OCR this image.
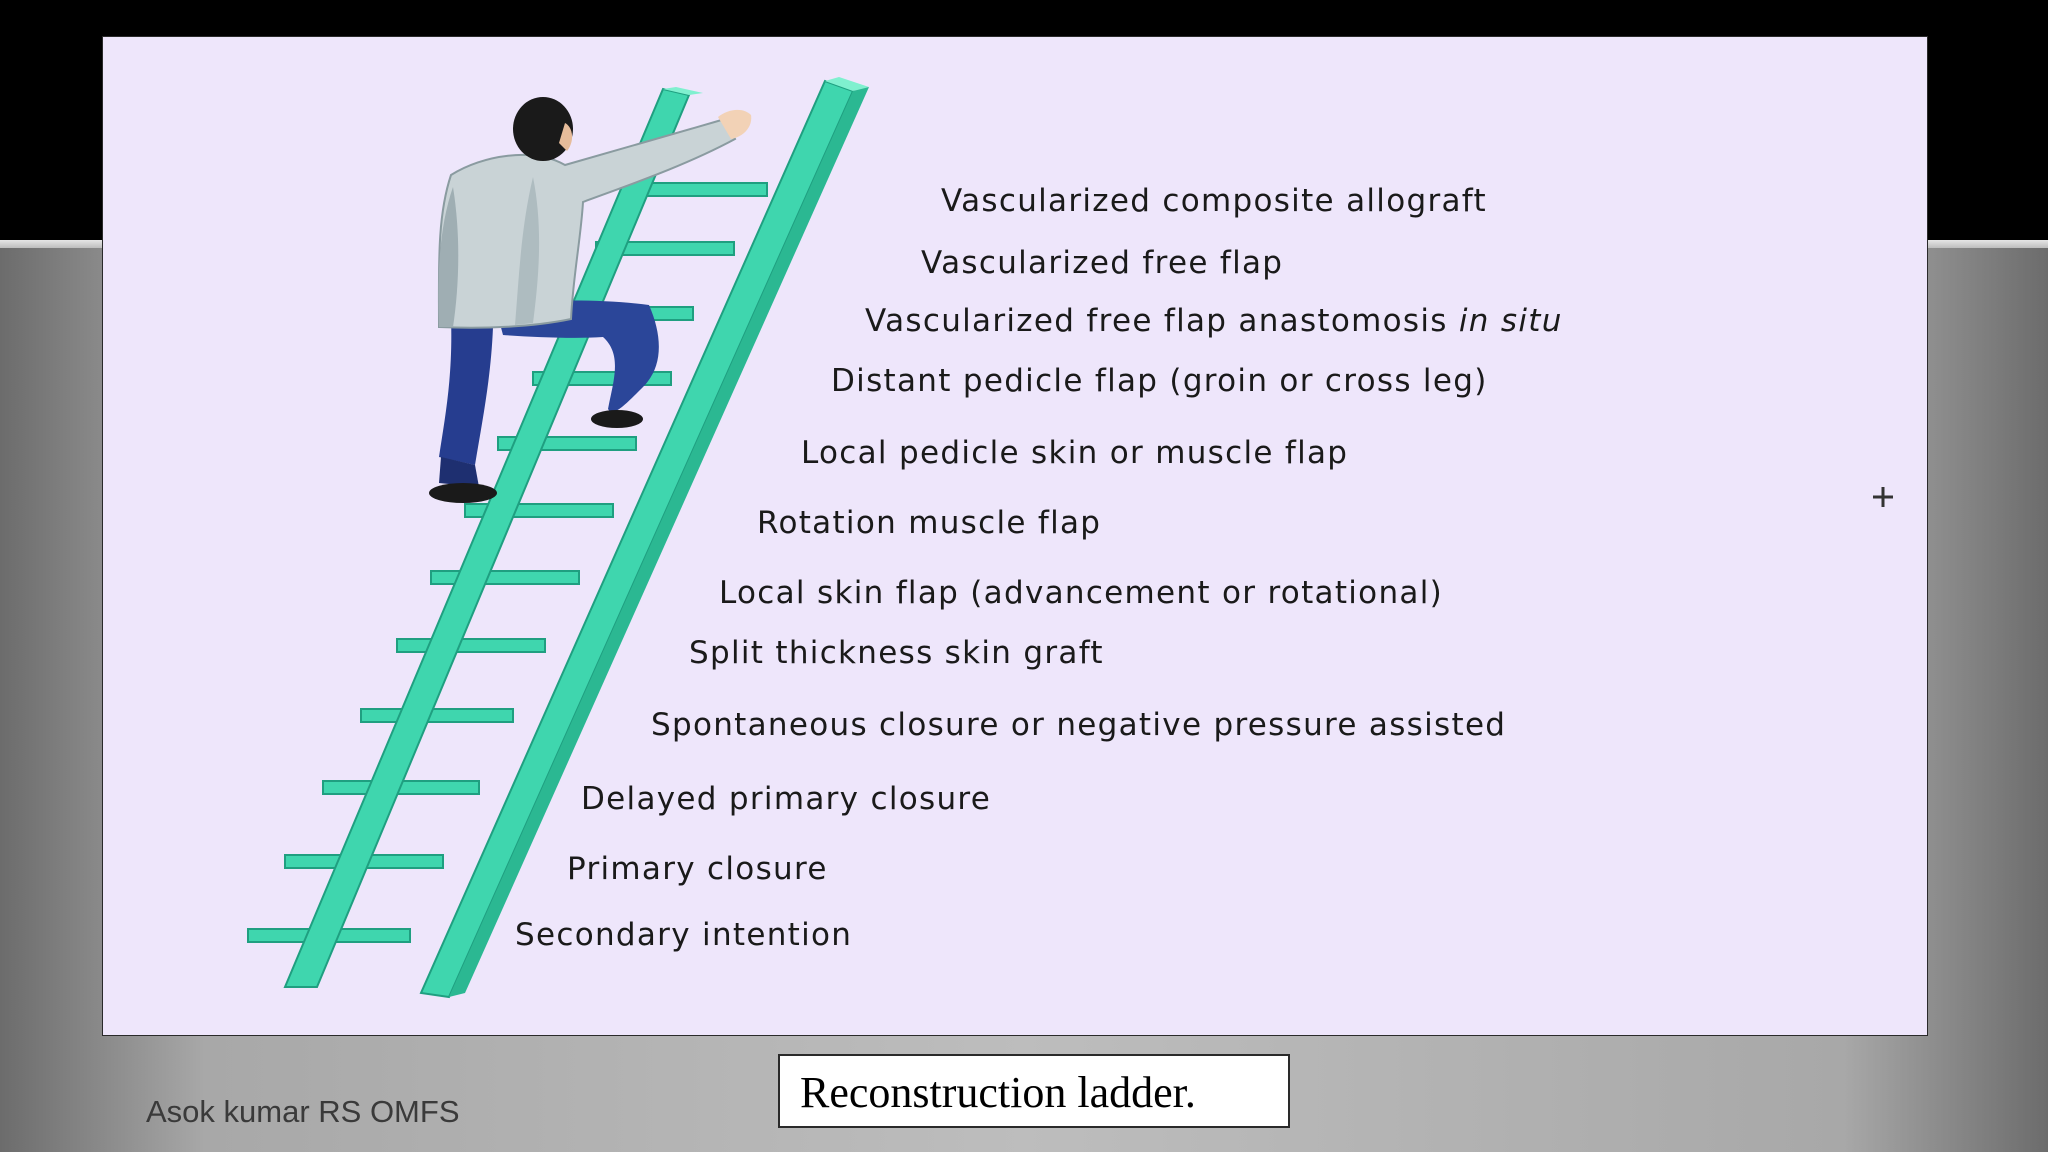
Vascularized composite allograft
Vascularized free flap
Vascularized free flap anastomosis in situ
Distant pedicle flap (groin or cross leg)
Local pedicle skin or muscle flap
Rotation muscle flap
Local skin flap (advancement or rotational)
Split thickness skin graft
Spontaneous closure or negative pressure assisted
Delayed primary closure
Primary closure
Secondary intention
Reconstruction ladder.
Asok kumar RS OMFS
